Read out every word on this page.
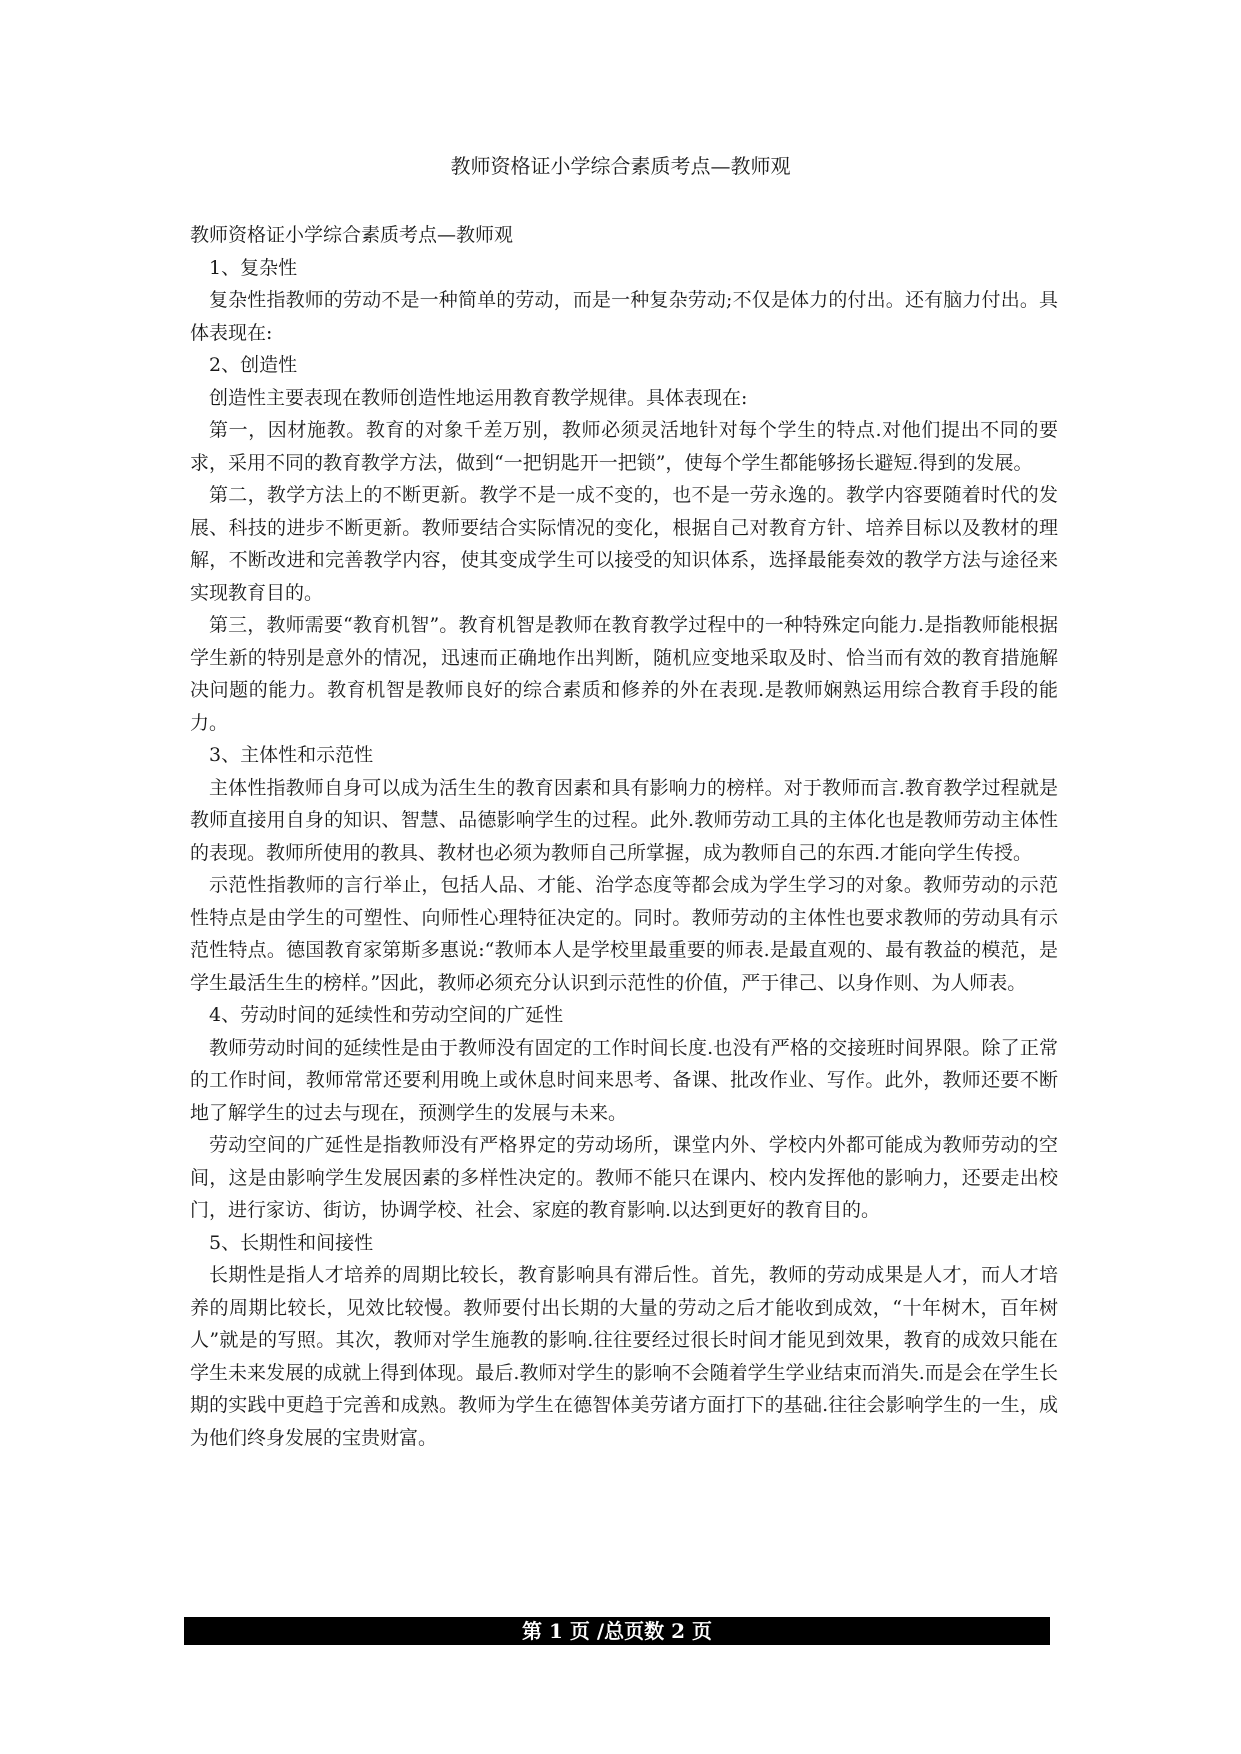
教师资格证小学综合素质考点—教师观

教师资格证小学综合素质考点—教师观

1、复杂性

复杂性指教师的劳动不是一种简单的劳动，而是一种复杂劳动;不仅是体力的付出。还有脑力付出。具体表现在:

2、创造性

创造性主要表现在教师创造性地运用教育教学规律。具体表现在:

第一，因材施教。教育的对象千差万别，教师必须灵活地针对每个学生的特点.对他们提出不同的要求，采用不同的教育教学方法，做到“一把钥匙开一把锁”，使每个学生都能够扬长避短.得到的发展。

第二，教学方法上的不断更新。教学不是一成不变的，也不是一劳永逸的。教学内容要随着时代的发展、科技的进步不断更新。教师要结合实际情况的变化，根据自己对教育方针、培养目标以及教材的理解，不断改进和完善教学内容，使其变成学生可以接受的知识体系，选择最能奏效的教学方法与途径来实现教育目的。

第三，教师需要“教育机智”。教育机智是教师在教育教学过程中的一种特殊定向能力.是指教师能根据学生新的特别是意外的情况，迅速而正确地作出判断，随机应变地采取及时、恰当而有效的教育措施解决问题的能力。教育机智是教师良好的综合素质和修养的外在表现.是教师娴熟运用综合教育手段的能力。

3、主体性和示范性

主体性指教师自身可以成为活生生的教育因素和具有影响力的榜样。对于教师而言.教育教学过程就是教师直接用自身的知识、智慧、品德影响学生的过程。此外.教师劳动工具的主体化也是教师劳动主体性的表现。教师所使用的教具、教材也必须为教师自己所掌握，成为教师自己的东西.才能向学生传授。

示范性指教师的言行举止，包括人品、才能、治学态度等都会成为学生学习的对象。教师劳动的示范性特点是由学生的可塑性、向师性心理特征决定的。同时。教师劳动的主体性也要求教师的劳动具有示范性特点。德国教育家第斯多惠说:“教师本人是学校里最重要的师表.是最直观的、最有教益的模范，是学生最活生生的榜样。”因此，教师必须充分认识到示范性的价值，严于律己、以身作则、为人师表。

4、劳动时间的延续性和劳动空间的广延性

教师劳动时间的延续性是由于教师没有固定的工作时间长度.也没有严格的交接班时间界限。除了正常的工作时间，教师常常还要利用晚上或休息时间来思考、备课、批改作业、写作。此外，教师还要不断地了解学生的过去与现在，预测学生的发展与未来。

劳动空间的广延性是指教师没有严格界定的劳动场所，课堂内外、学校内外都可能成为教师劳动的空间，这是由影响学生发展因素的多样性决定的。教师不能只在课内、校内发挥他的影响力，还要走出校门，进行家访、街访，协调学校、社会、家庭的教育影响.以达到更好的教育目的。

5、长期性和间接性

长期性是指人才培养的周期比较长，教育影响具有滞后性。首先，教师的劳动成果是人才，而人才培养的周期比较长，见效比较慢。教师要付出长期的大量的劳动之后才能收到成效，“十年树木，百年树人”就是的写照。其次，教师对学生施教的影响.往往要经过很长时间才能见到效果，教育的成效只能在学生未来发展的成就上得到体现。最后.教师对学生的影响不会随着学生学业结束而消失.而是会在学生长期的实践中更趋于完善和成熟。教师为学生在德智体美劳诸方面打下的基础.往往会影响学生的一生，成为他们终身发展的宝贵财富。

第 1 页 /总页数 2 页
